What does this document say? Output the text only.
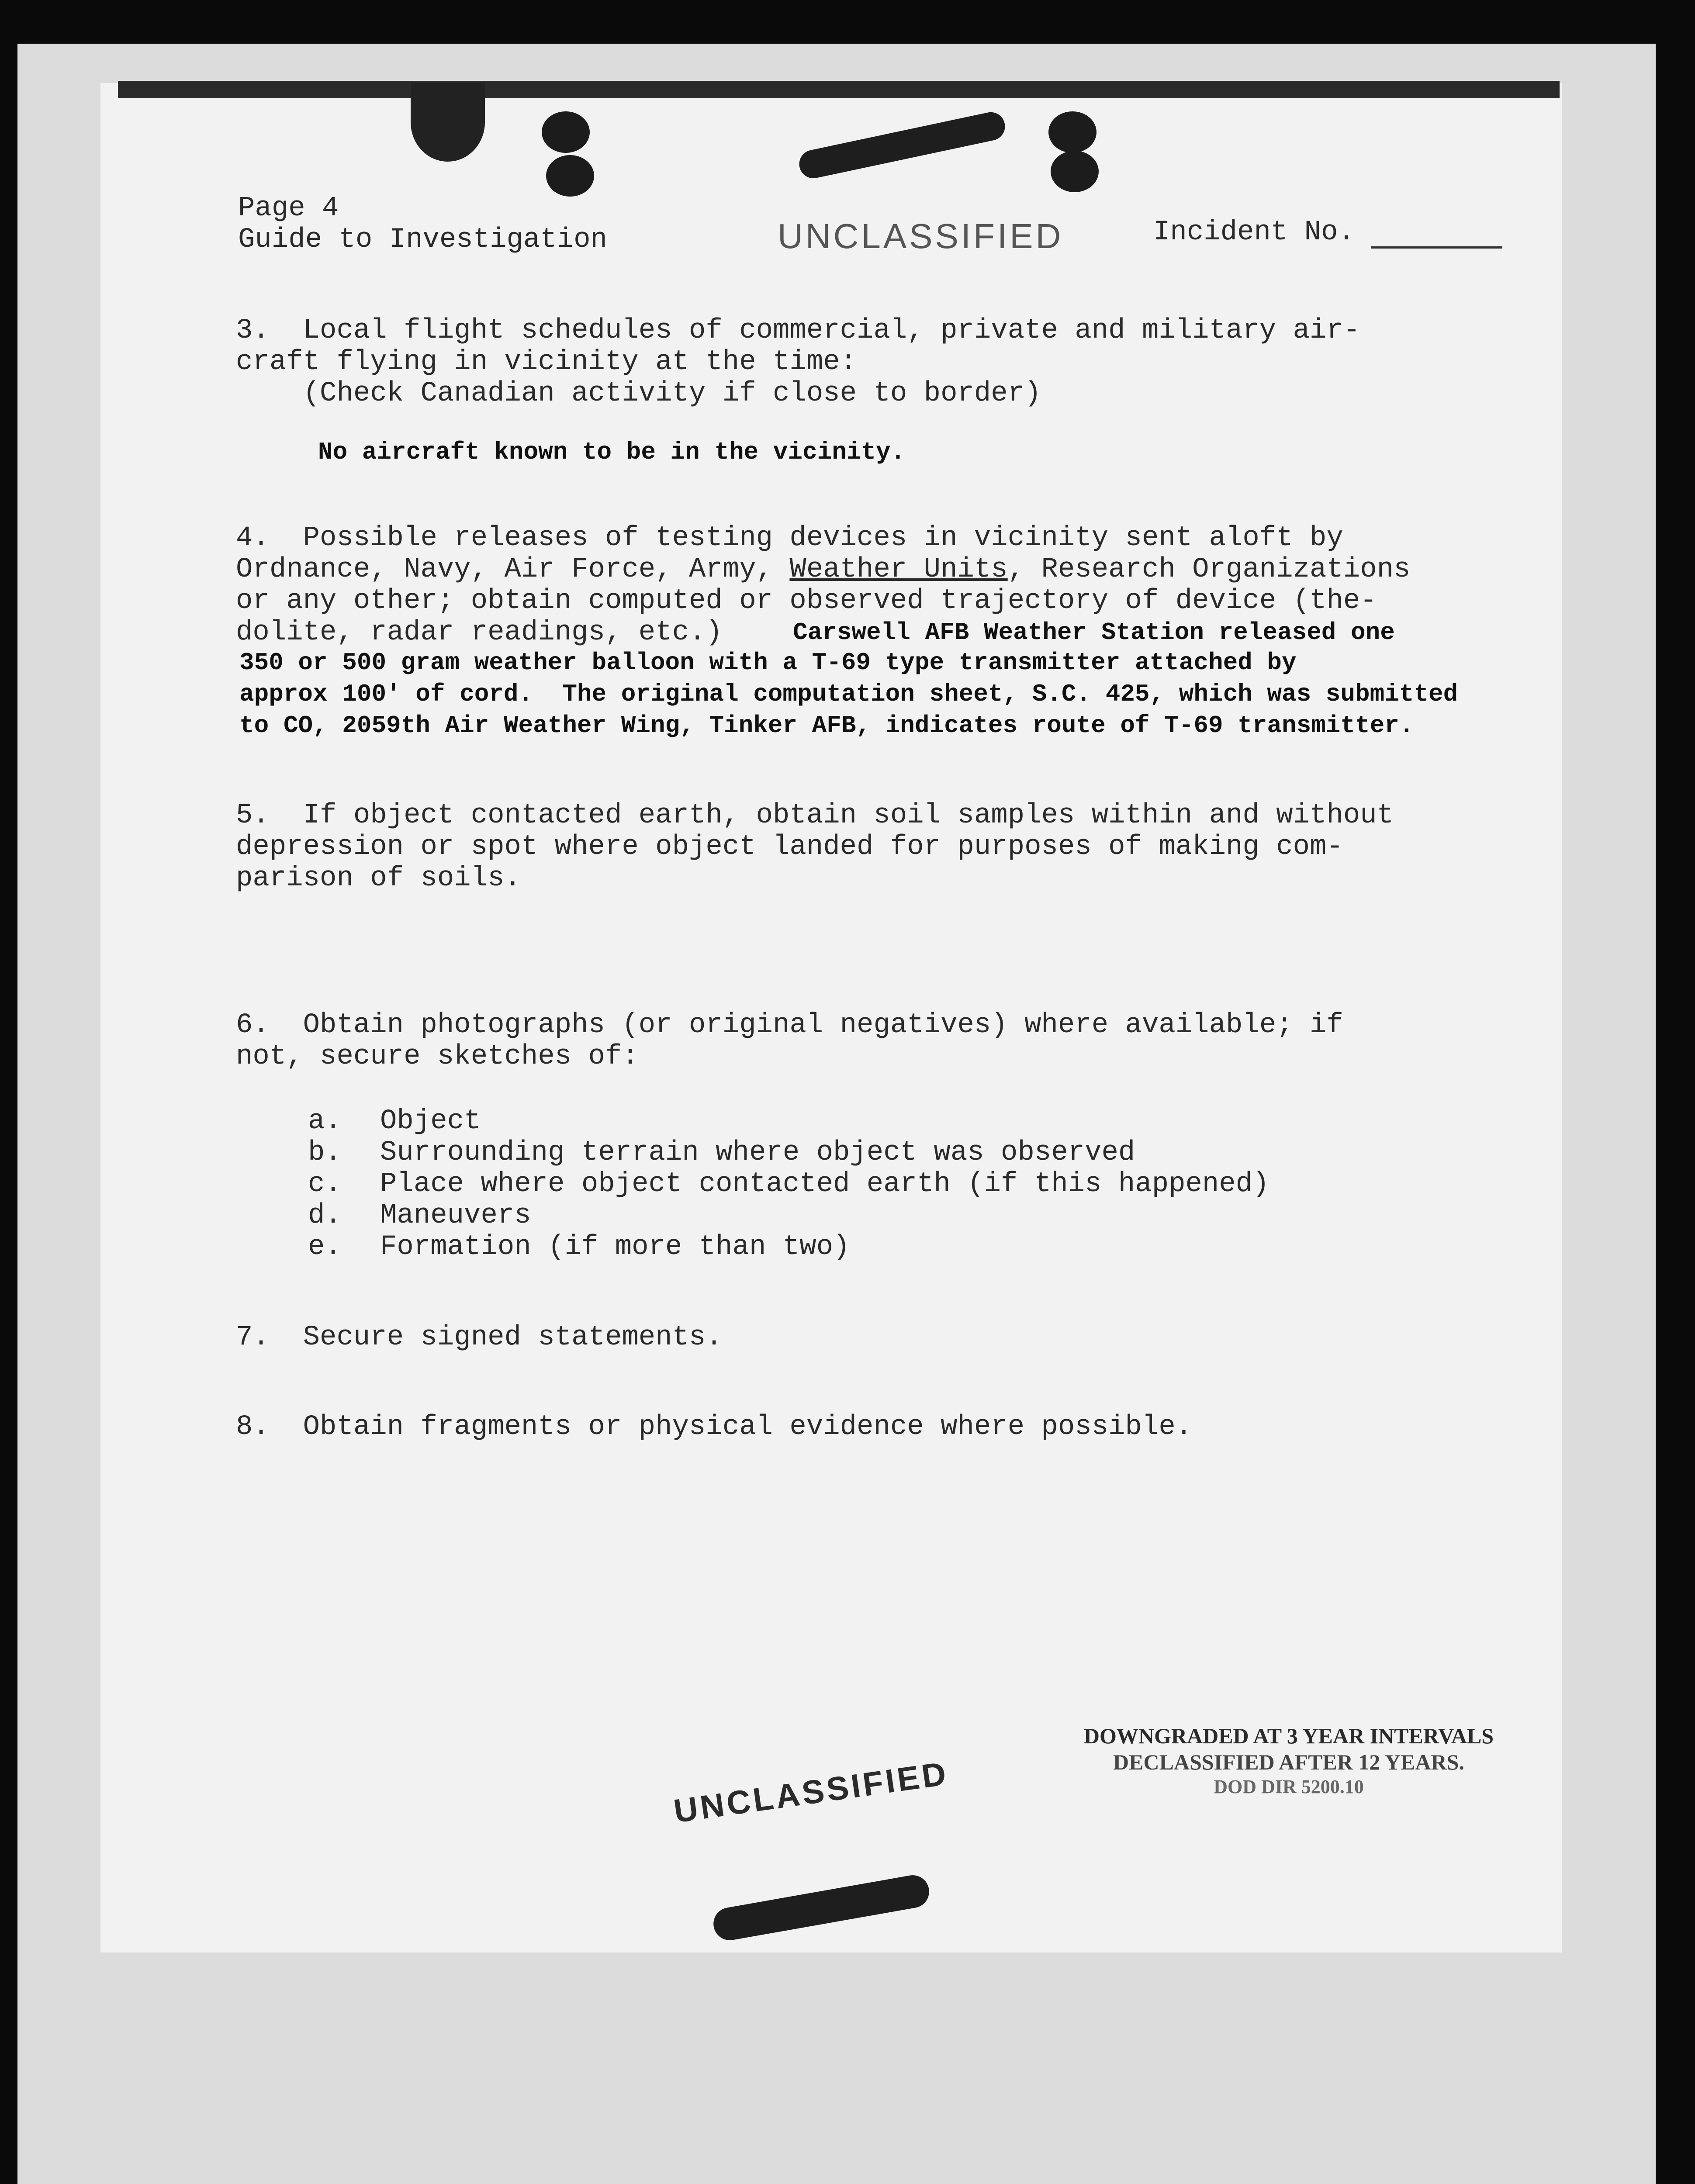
Page 4
Guide to Investigation	UNCLASSIFIED	Incident No.
3.  Local flight schedules of commercial, private and military air-
craft flying in vicinity at the time:
(Check Canadian activity if close to border)
No aircraft known to be in the vicinity.
4.  Possible releases of testing devices in vicinity sent aloft by
Ordnance, Navy, Air Force, Army, Weather Units, Research Organizations
or any other; obtain computed or observed trajectory of device (the-
dolite, radar readings, etc.)	Carswell AFB Weather Station released one
350 or 500 gram weather balloon with a T-69 type transmitter attached by
approx 100' of cord.  The original computation sheet, S.C. 425, which was submitted
to CO, 2059th Air Weather Wing, Tinker AFB, indicates route of T-69 transmitter.
5.  If object contacted earth, obtain soil samples within and without
depression or spot where object landed for purposes of making com-
parison of soils.
6.  Obtain photographs (or original negatives) where available; if
not, secure sketches of:
a. Object
b. Surrounding terrain where object was observed
c. Place where object contacted earth (if this happened)
d. Maneuvers
e. Formation (if more than two)
7.  Secure signed statements.
8.  Obtain fragments or physical evidence where possible.
DOWNGRADED AT 3 YEAR INTERVALS
DECLASSIFIED AFTER 12 YEARS.
DOD DIR 5200.10
UNCLASSIFIED
